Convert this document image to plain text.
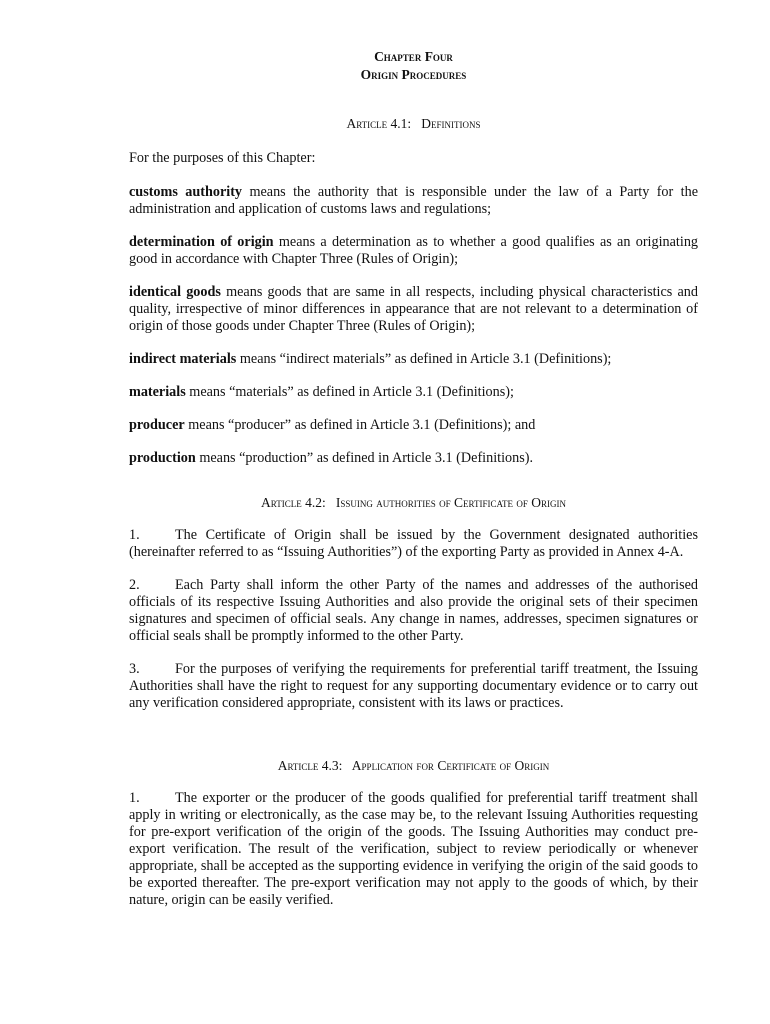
Chapter Four
Origin Procedures
Article 4.1:   Definitions

For the purposes of this Chapter:

customs authority means the authority that is responsible under the law of a Party for the administration and application of customs laws and regulations;

determination of origin means a determination as to whether a good qualifies as an originating good in accordance with Chapter Three (Rules of Origin);

identical goods means goods that are same in all respects, including physical characteristics and quality, irrespective of minor differences in appearance that are not relevant to a determination of origin of those goods under Chapter Three (Rules of Origin);

indirect materials means “indirect materials” as defined in Article 3.1 (Definitions);

materials means “materials” as defined in Article 3.1 (Definitions);

producer means “producer” as defined in Article 3.1 (Definitions); and

production means “production” as defined in Article 3.1 (Definitions).

Article 4.2:   Issuing authorities of Certificate of Origin

1. The Certificate of Origin shall be issued by the Government designated authorities (hereinafter referred to as “Issuing Authorities”) of the exporting Party as provided in Annex 4-A.

2. Each Party shall inform the other Party of the names and addresses of the authorised officials of its respective Issuing Authorities and also provide the original sets of their specimen signatures and specimen of official seals. Any change in names, addresses, specimen signatures or official seals shall be promptly informed to the other Party.

3. For the purposes of verifying the requirements for preferential tariff treatment, the Issuing Authorities shall have the right to request for any supporting documentary evidence or to carry out any verification considered appropriate, consistent with its laws or practices.

Article 4.3:   Application for Certificate of Origin

1. The exporter or the producer of the goods qualified for preferential tariff treatment shall apply in writing or electronically, as the case may be, to the relevant Issuing Authorities requesting for pre-export verification of the origin of the goods. The Issuing Authorities may conduct pre-export verification. The result of the verification, subject to review periodically or whenever appropriate, shall be accepted as the supporting evidence in verifying the origin of the said goods to be exported thereafter. The pre-export verification may not apply to the goods of which, by their nature, origin can be easily verified.
